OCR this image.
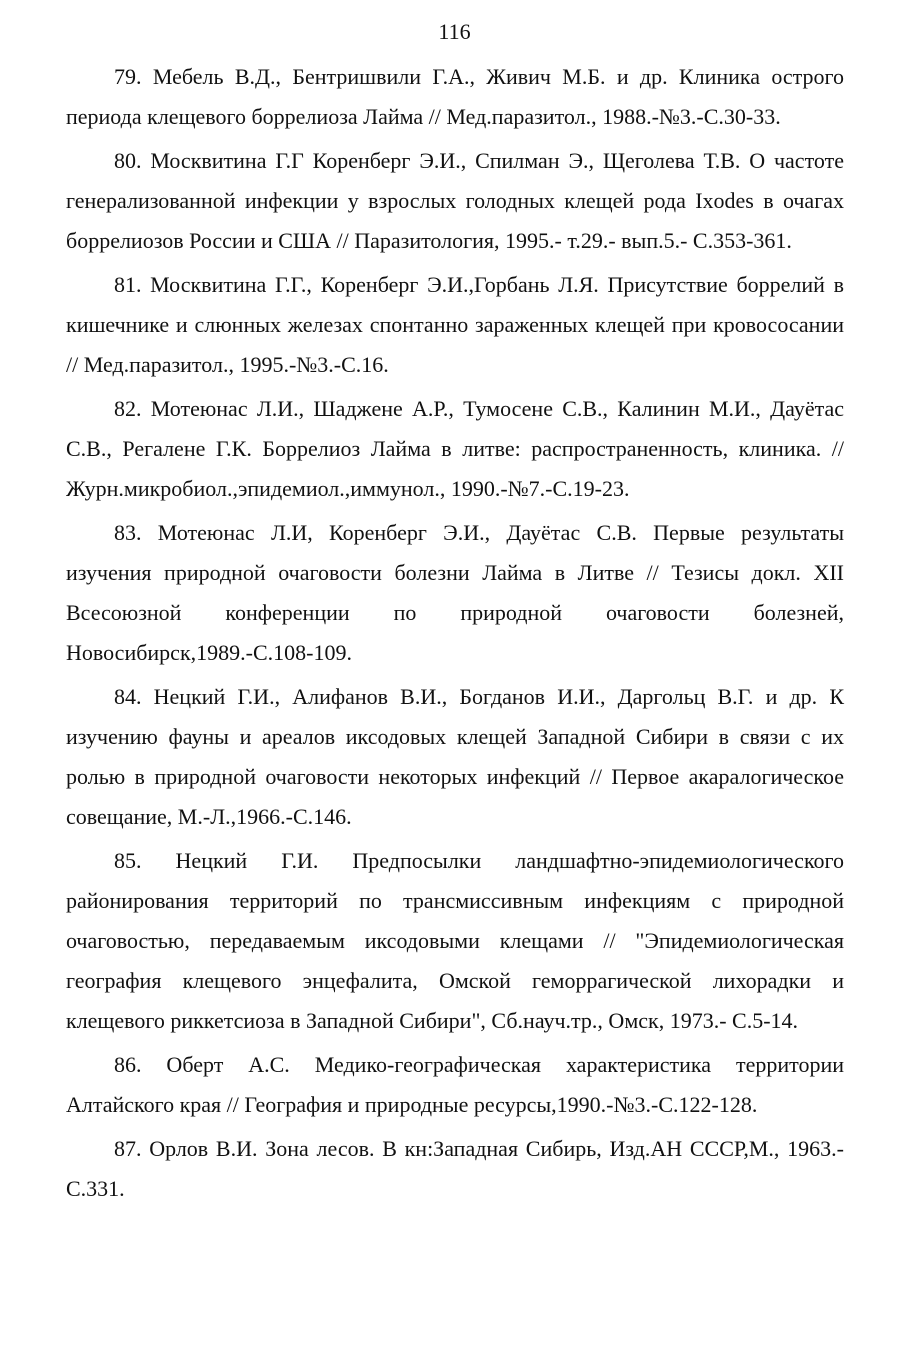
116
79. Мебель В.Д., Бентришвили Г.А., Живич М.Б. и др. Клиника острого периода клещевого боррелиоза Лайма // Мед.паразитол., 1988.-№3.-С.30-33.
80. Москвитина Г.Г Коренберг Э.И., Спилман Э., Щеголева Т.В. О частоте генерализованной инфекции у взрослых голодных клещей рода Ixodes в очагах боррелиозов России и США // Паразитология, 1995.- т.29.- вып.5.- С.353-361.
81. Москвитина Г.Г., Коренберг Э.И.,Горбань Л.Я. Присутствие боррелий в кишечнике и слюнных железах спонтанно зараженных клещей при кровососании // Мед.паразитол., 1995.-№3.-С.16.
82. Мотеюнас Л.И., Шаджене А.Р., Тумосене С.В., Калинин М.И., Дауётас С.В., Регалене Г.К. Боррелиоз Лайма в литве: распространенность, клиника. // Журн.микробиол.,эпидемиол.,иммунол., 1990.-№7.-С.19-23.
83. Мотеюнас Л.И, Коренберг Э.И., Дауётас С.В. Первые результаты изучения природной очаговости болезни Лайма в Литве // Тезисы докл. XII Всесоюзной конференции по природной очаговости болезней, Новосибирск,1989.-С.108-109.
84. Нецкий Г.И., Алифанов В.И., Богданов И.И., Даргольц В.Г. и др. К изучению фауны и ареалов иксодовых клещей Западной Сибири в связи с их ролью в природной очаговости некоторых инфекций // Первое акаралогическое совещание, М.-Л.,1966.-С.146.
85. Нецкий Г.И. Предпосылки ландшафтно-эпидемиологического районирования территорий по трансмиссивным инфекциям с природной очаговостью, передаваемым иксодовыми клещами // "Эпидемиологическая география клещевого энцефалита, Омской геморрагической лихорадки и клещевого риккетсиоза в Западной Сибири", Сб.науч.тр., Омск, 1973.- С.5-14.
86. Оберт А.С. Медико-географическая характеристика территории Алтайского края // География и природные ресурсы,1990.-№3.-С.122-128.
87. Орлов В.И. Зона лесов. В кн:Западная Сибирь, Изд.АН СССР,М., 1963.-С.331.
